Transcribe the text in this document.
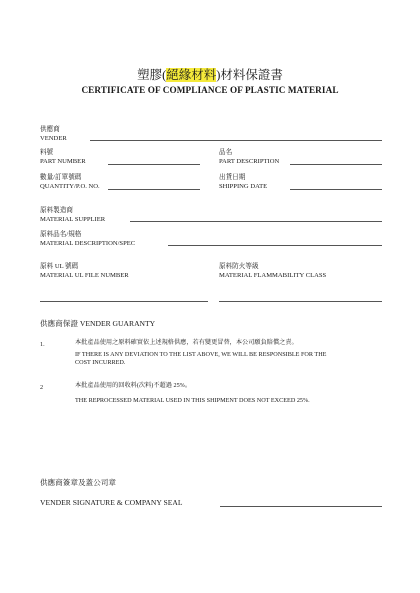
塑膠(絕緣材料)材料保證書
CERTIFICATE OF COMPLIANCE OF PLASTIC MATERIAL
供應商
VENDER
料號
PART NUMBER
品名
PART DESCRIPTION
數量/訂單號碼
QUANTITY/P.O. NO.
出貨日期
SHIPPING DATE
原料製造商
MATERIAL SUPPLIER
原料品名/規格
MATERIAL DESCRIPTION/SPEC
原料 UL 號碼
MATERIAL UL FILE NUMBER
原料防火等級
MATERIAL FLAMMABILITY CLASS
供應商保證 VENDER GUARANTY
1.	本批產品使用之原料確實依上述規格供應，若有變更冒替，本公司願負賠償之責。
IF THERE IS ANY DEVIATION TO THE LIST ABOVE, WE WILL BE RESPONSIBLE FOR THE
COST INCURRED.
2	本批產品使用的回收料(次料)不超過 25%。
THE REPROCESSED MATERIAL USED IN THIS SHIPMENT DOES NOT EXCEED 25%.
供應商簽章及蓋公司章
VENDER SIGNATURE & COMPANY SEAL
